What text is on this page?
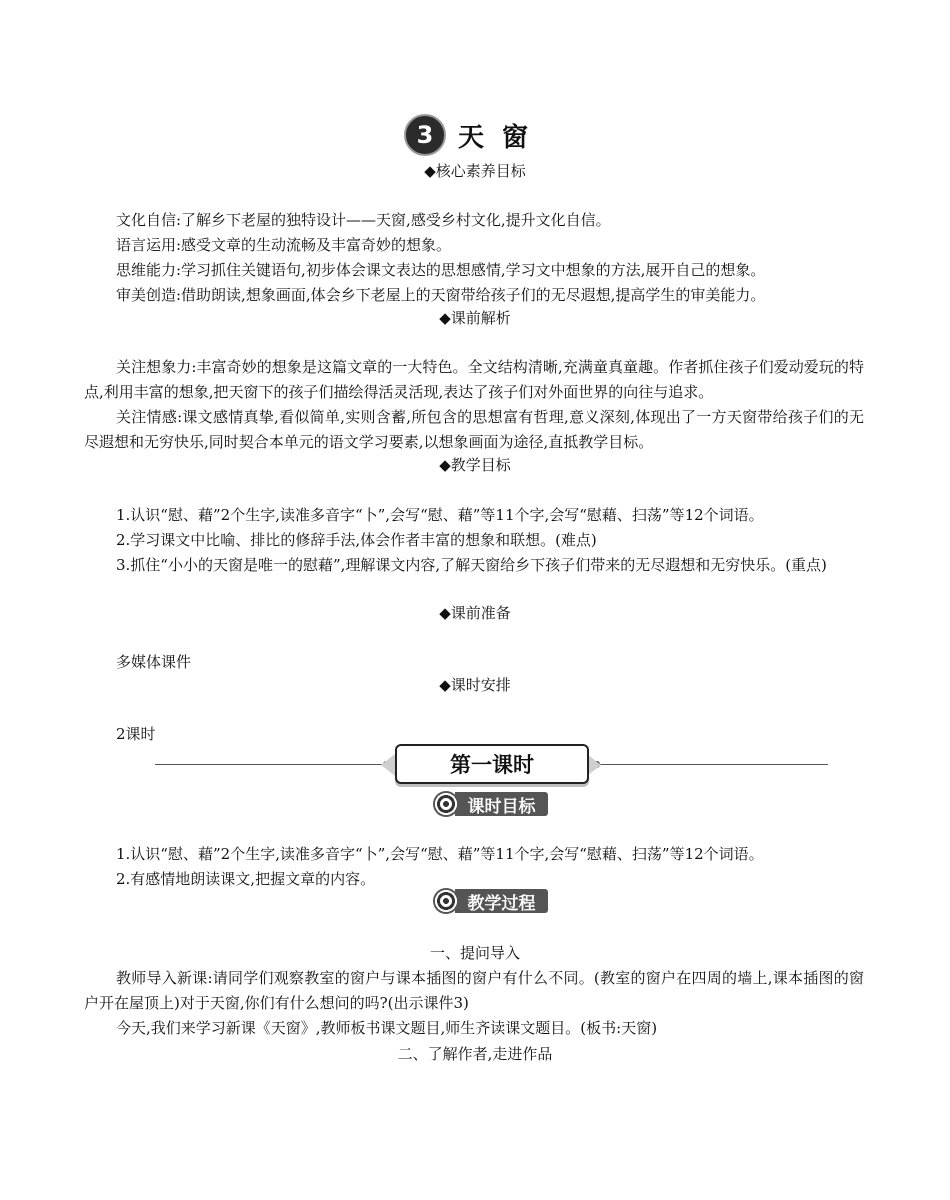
3 天窗
◆核心素养目标
文化自信:了解乡下老屋的独特设计——天窗,感受乡村文化,提升文化自信。
语言运用:感受文章的生动流畅及丰富奇妙的想象。
思维能力:学习抓住关键语句,初步体会课文表达的思想感情,学习文中想象的方法,展开自己的想象。
审美创造:借助朗读,想象画面,体会乡下老屋上的天窗带给孩子们的无尽遐想,提高学生的审美能力。
◆课前解析
关注想象力:丰富奇妙的想象是这篇文章的一大特色。全文结构清晰,充满童真童趣。作者抓住孩子们爱动爱玩的特点,利用丰富的想象,把天窗下的孩子们描绘得活灵活现,表达了孩子们对外面世界的向往与追求。
关注情感:课文感情真挚,看似简单,实则含蓄,所包含的思想富有哲理,意义深刻,体现出了一方天窗带给孩子们的无尽遐想和无穷快乐,同时契合本单元的语文学习要素,以想象画面为途径,直抵教学目标。
◆教学目标
1.认识“慰、藉”2个生字,读准多音字“卜”,会写“慰、藉”等11个字,会写“慰藉、扫荡”等12个词语。
2.学习课文中比喻、排比的修辞手法,体会作者丰富的想象和联想。(难点)
3.抓住“小小的天窗是唯一的慰藉”,理解课文内容,了解天窗给乡下孩子们带来的无尽遐想和无穷快乐。(重点)
◆课前准备
多媒体课件
◆课时安排
2课时
第一课时
课时目标
1.认识“慰、藉”2个生字,读准多音字“卜”,会写“慰、藉”等11个字,会写“慰藉、扫荡”等12个词语。
2.有感情地朗读课文,把握文章的内容。
教学过程
一、提问导入
教师导入新课:请同学们观察教室的窗户与课本插图的窗户有什么不同。(教室的窗户在四周的墙上,课本插图的窗户开在屋顶上)对于天窗,你们有什么想问的吗?(出示课件3)
今天,我们来学习新课《天窗》,教师板书课文题目,师生齐读课文题目。(板书:天窗)
二、了解作者,走进作品
